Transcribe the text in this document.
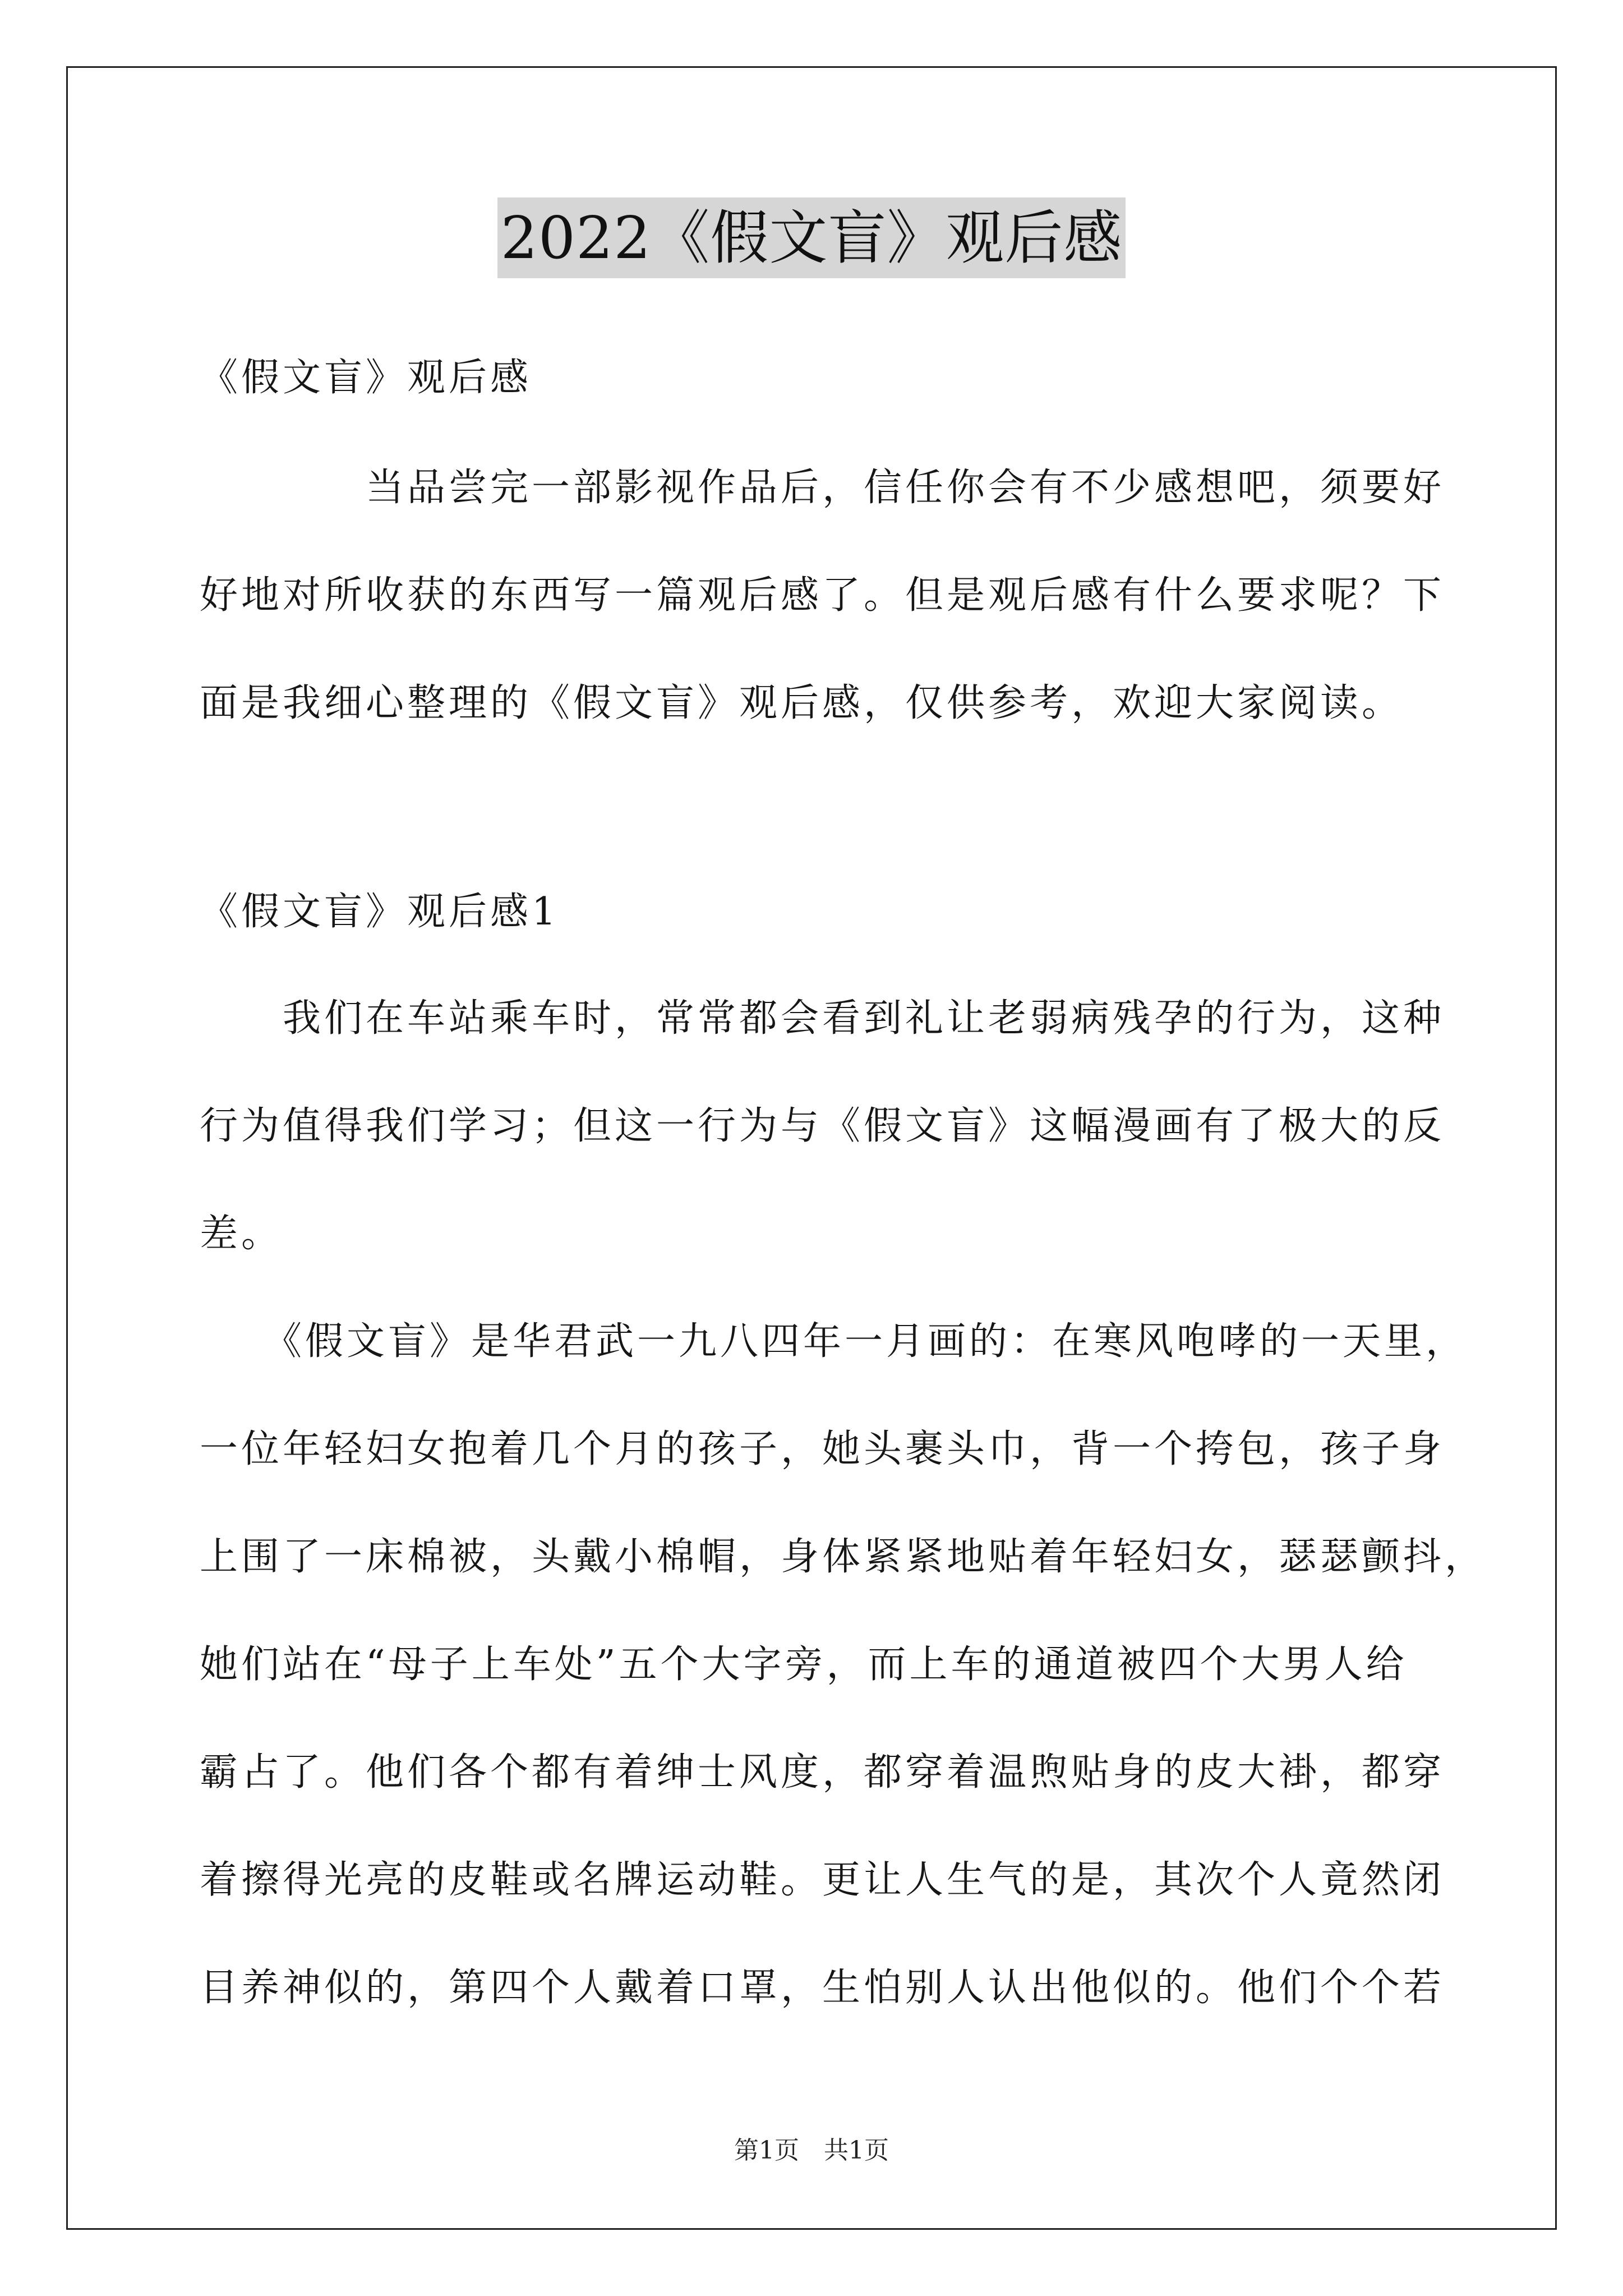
2022《假文盲》观后感
《假文盲》观后感
　　　　当品尝完一部影视作品后，信任你会有不少感想吧，须要好
好地对所收获的东西写一篇观后感了。但是观后感有什么要求呢？下
面是我细心整理的《假文盲》观后感，仅供参考，欢迎大家阅读。
《假文盲》观后感1
　　我们在车站乘车时，常常都会看到礼让老弱病残孕的行为，这种
行为值得我们学习；但这一行为与《假文盲》这幅漫画有了极大的反
差。
　　《假文盲》是华君武一九八四年一月画的：在寒风咆哮的一天里，
一位年轻妇女抱着几个月的孩子，她头裹头巾，背一个挎包，孩子身
上围了一床棉被，头戴小棉帽，身体紧紧地贴着年轻妇女，瑟瑟颤抖，
她们站在“母子上车处”五个大字旁，而上车的通道被四个大男人给
霸占了。他们各个都有着绅士风度，都穿着温煦贴身的皮大褂，都穿
着擦得光亮的皮鞋或名牌运动鞋。更让人生气的是，其次个人竟然闭
目养神似的，第四个人戴着口罩，生怕别人认出他似的。他们个个若
第1页　共1页
